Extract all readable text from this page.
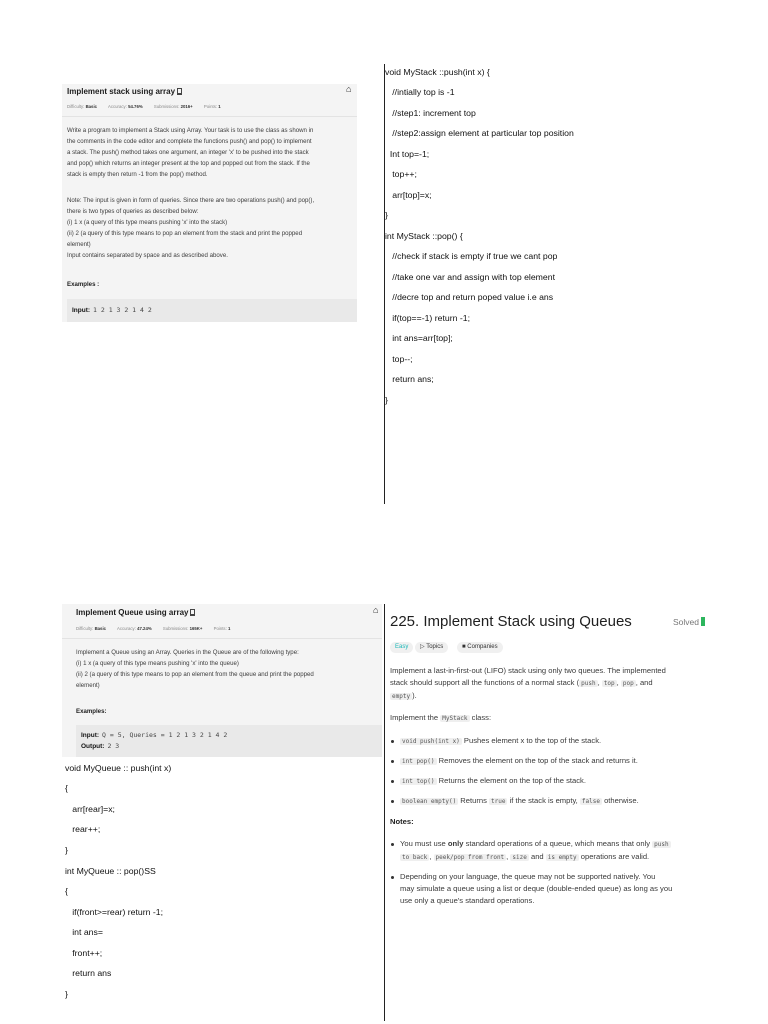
Implement stack using array	⌂
Difficulty: Basic	Accuracy: 54.76%	Submissions: 2016+	Points: 1
Write a program to implement a Stack using Array. Your task is to use the class as shown in
the comments in the code editor and complete the functions push() and pop() to implement
a stack. The push() method takes one argument, an integer 'x' to be pushed into the stack
and pop() which returns an integer present at the top and popped out from the stack. If the
stack is empty then return -1 from the pop() method.
Note: The input is given in form of queries. Since there are two operations push() and pop(),
there is two types of queries as described below:
(i) 1 x (a query of this type means pushing 'x' into the stack)
(ii) 2 (a query of this type means to pop an element from the stack and print the popped
element)
Input contains separated by space and as described above.
Examples :
Input: 1 2 1 3 2 1 4 2
void MyStack ::push(int x) {
//intially top is -1
//step1: increment top
//step2:assign element at particular top position
Int top=-1;
top++;
arr[top]=x;
}
int MyStack ::pop() {
//check if stack is empty if true we cant pop
//take one var and assign with top element
//decre top and return poped value i.e ans
if(top==-1) return -1;
int ans=arr[top];
top--;
return ans;
}
Implement Queue using array	⌂
Difficulty: Basic	Accuracy: 47.24%	Submissions: 165K+	Points: 1
Implement a Queue using an Array. Queries in the Queue are of the following type:
(i) 1 x (a query of this type means pushing 'x' into the queue)
(ii) 2 (a query of this type means to pop an element from the queue and print the popped
element)
Examples:
Input: Q = 5, Queries = 1 2 1 3 2 1 4 2
Output: 2 3
void MyQueue :: push(int x)
{
arr[rear]=x;
rear++;
}
int MyQueue :: pop()SS
{
if(front>=rear) return -1;
int ans=
front++;
return ans
}
225. Implement Stack using Queues	Solved
Easy	▷ Topics	■ Companies
Implement a last-in-first-out (LIFO) stack using only two queues. The implemented
stack should support all the functions of a normal stack ( push , top , pop , and
empty ).
Implement the MyStack class:
void push(int x) Pushes element x to the top of the stack.
int pop() Removes the element on the top of the stack and returns it.
int top() Returns the element on the top of the stack.
boolean empty() Returns true if the stack is empty, false otherwise.
Notes:
You must use only standard operations of a queue, which means that only push
to back , peek/pop from front , size and is empty operations are valid.
Depending on your language, the queue may not be supported natively. You
may simulate a queue using a list or deque (double-ended queue) as long as you
use only a queue's standard operations.
